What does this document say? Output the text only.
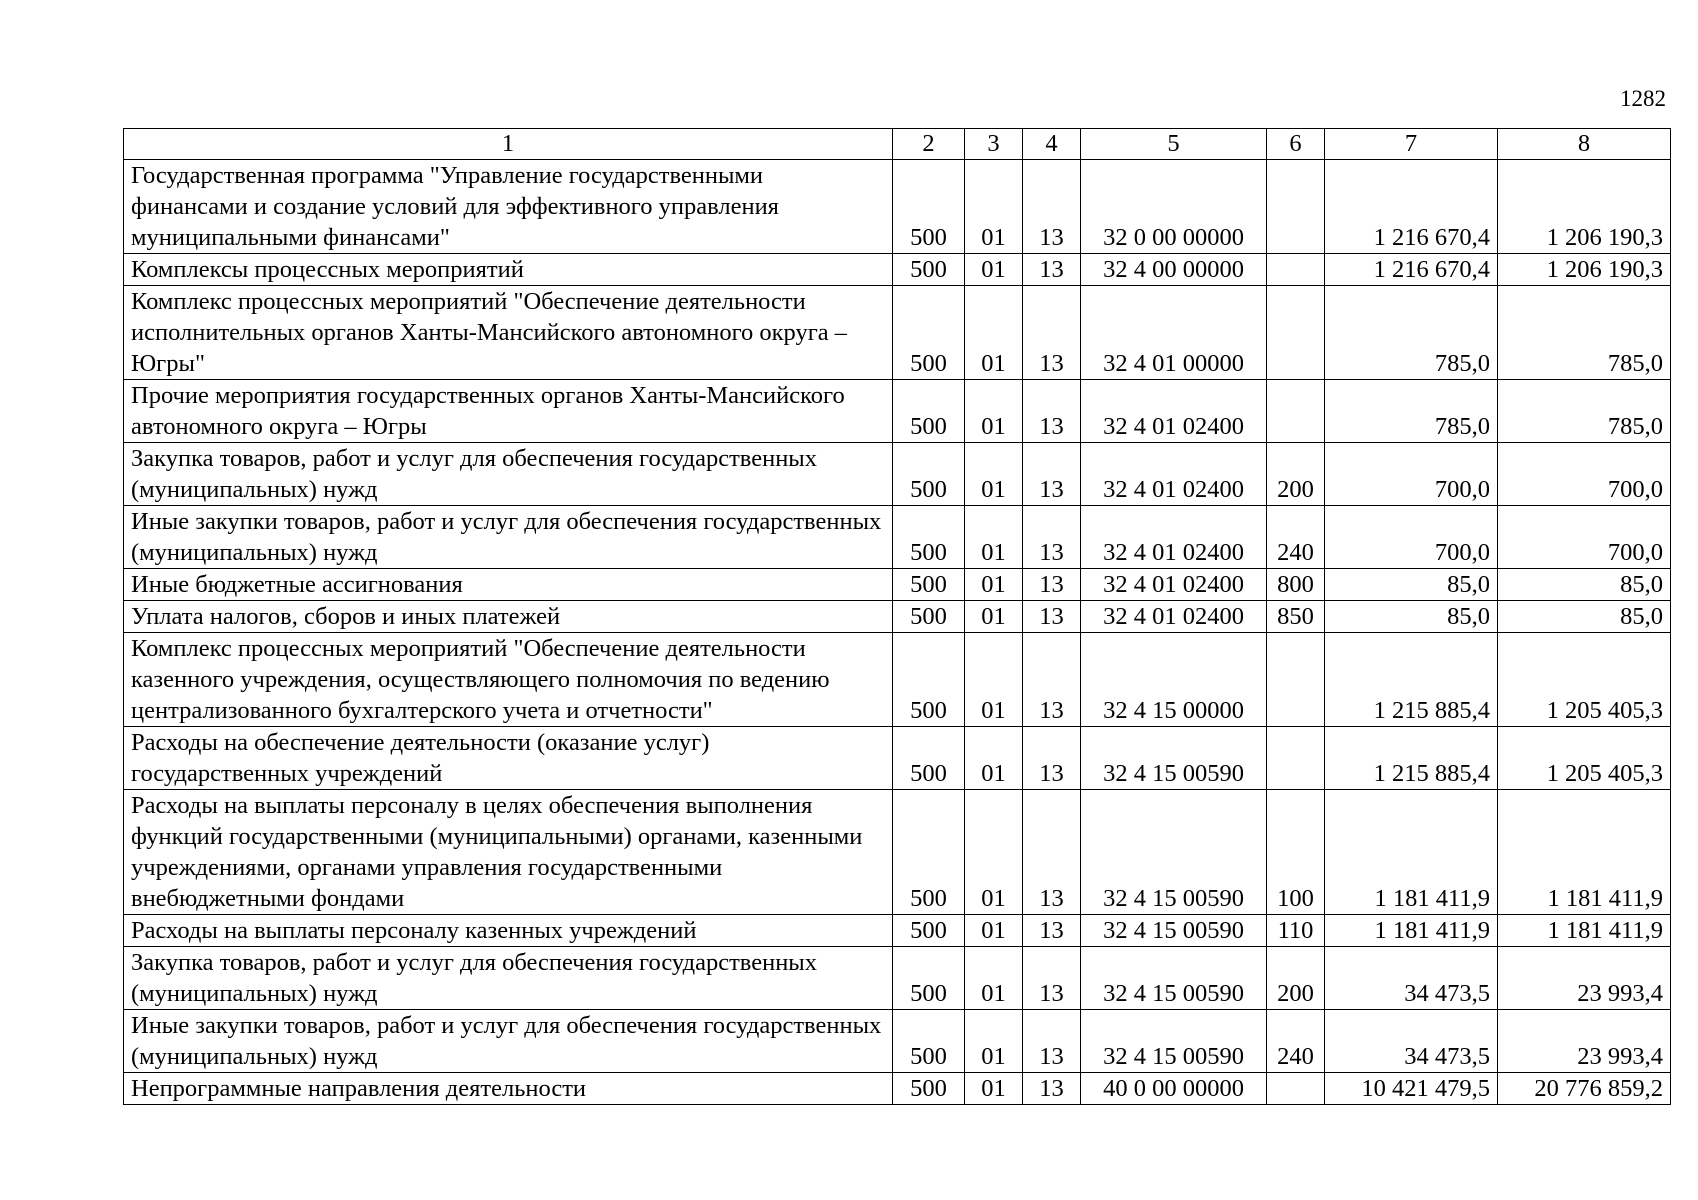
1282
1	2	3	4	5	6	7	8
Государственная программа "Управление государственными финансами и создание условий для эффективного управления муниципальными финансами"	500	01	13	32 0 00 00000		1 216 670,4	1 206 190,3
Комплексы процессных мероприятий	500	01	13	32 4 00 00000		1 216 670,4	1 206 190,3
Комплекс процессных мероприятий "Обеспечение деятельности исполнительных органов Ханты-Мансийского автономного округа – Югры"	500	01	13	32 4 01 00000		785,0	785,0
Прочие мероприятия государственных органов Ханты-Мансийского автономного округа – Югры	500	01	13	32 4 01 02400		785,0	785,0
Закупка товаров, работ и услуг для обеспечения государственных (муниципальных) нужд	500	01	13	32 4 01 02400	200	700,0	700,0
Иные закупки товаров, работ и услуг для обеспечения государственных (муниципальных) нужд	500	01	13	32 4 01 02400	240	700,0	700,0
Иные бюджетные ассигнования	500	01	13	32 4 01 02400	800	85,0	85,0
Уплата налогов, сборов и иных платежей	500	01	13	32 4 01 02400	850	85,0	85,0
Комплекс процессных мероприятий "Обеспечение деятельности казенного учреждения, осуществляющего полномочия по ведению централизованного бухгалтерского учета и отчетности"	500	01	13	32 4 15 00000		1 215 885,4	1 205 405,3
Расходы на обеспечение деятельности (оказание услуг) государственных учреждений	500	01	13	32 4 15 00590		1 215 885,4	1 205 405,3
Расходы на выплаты персоналу в целях обеспечения выполнения функций государственными (муниципальными) органами, казенными учреждениями, органами управления государственными внебюджетными фондами	500	01	13	32 4 15 00590	100	1 181 411,9	1 181 411,9
Расходы на выплаты персоналу казенных учреждений	500	01	13	32 4 15 00590	110	1 181 411,9	1 181 411,9
Закупка товаров, работ и услуг для обеспечения государственных (муниципальных) нужд	500	01	13	32 4 15 00590	200	34 473,5	23 993,4
Иные закупки товаров, работ и услуг для обеспечения государственных (муниципальных) нужд	500	01	13	32 4 15 00590	240	34 473,5	23 993,4
Непрограммные направления деятельности	500	01	13	40 0 00 00000		10 421 479,5	20 776 859,2
